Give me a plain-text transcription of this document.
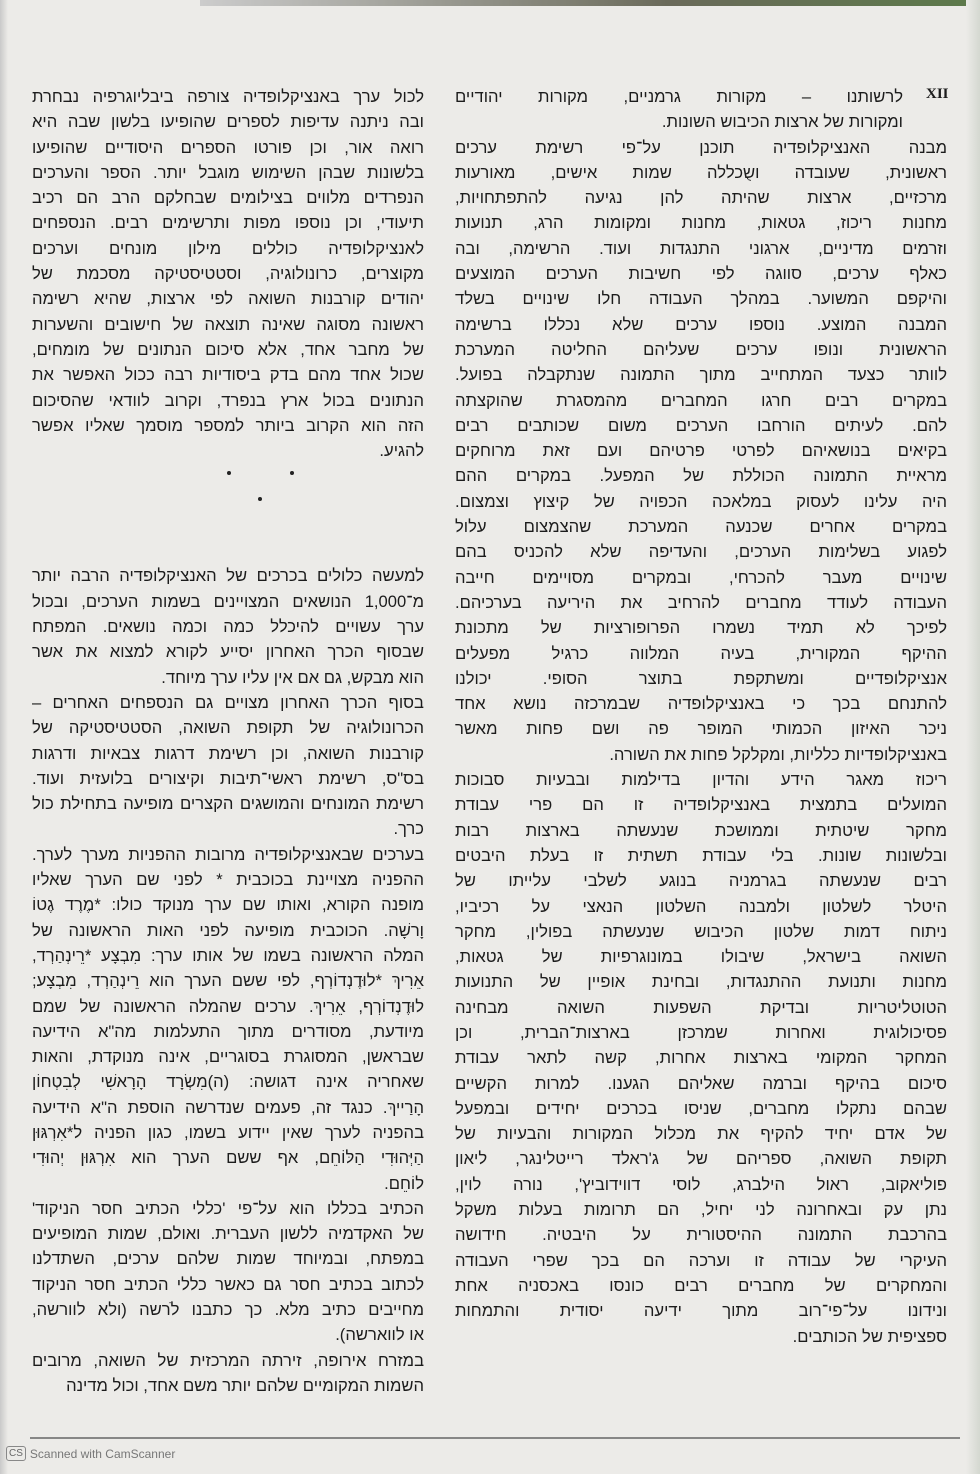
XII
לרשותנו – מקורות גרמניים, מקורות יהודיים
ומקורות של ארצות הכיבוש השונות.
מבנה האנציקלופדיה תוכנן על־פי רשימת ערכים
ראשונית, שעובדה ושֻכללה שמות אישים, מאורעות
מרכזיים, ארצות שהיתה להן נגיעה להתפתחויות,
מחנות ריכוז, גטאות, מחנות ומקומות הרג, תנועות
וזרמים מדיניים, ארגוני התנגדות ועוד. הרשימה, ובה
כאלף ערכים, סווגה לפי חשיבות הערכים המוצעים
והיקפם המשוער. במהלך העבודה חלו שינויים בשלד
המבנה המוצע. נוספו ערכים שלא נכללו ברשימה
הראשונית ונופו ערכים שעליהם החליטה המערכת
לוותר כצעד המתחייב מתוך התמונה שנתקבלה בפועל.
במקרים רבים חרגו המחברים מהמסגרת שהוקצתה
להם. לעיתים הורחבו הערכים משום שכותבים רבים
בקיאים בנושאיהם לפרטי פרטיהם ועם זאת מרוחקים
מראיית התמונה הכוללת של המפעל. במקרים ההם
היה עלינו לעסוק במלאכה הכפויה של קיצוץ וצמצום.
במקרים אחרים שכנעה המערכת שהצמצום עלול
לפגוע בשלימות הערכים, והעדיפה שלא להכניס בהם
שינויים מעבר להכרחי, ובמקרים מסויימים חייבה
העבודה לעודד מחברים להרחיב את היריעה בערכיהם.
לפיכך לא תמיד נשמרו הפרופורציות של מתכונת
ההיקף המקורית, בעיה המלווה כרגיל מפעלים
אנציקלופדיים ומשתקפת בתוצר הסופי. יכולנו
להתנחם בכך כי באנציקלופדיה שבמרכזה נושא אחד
ניכר האיזון הכמותי המופר פה ושם פחות מאשר
באנציקלופדיות כלליות, ומקלקל פחות את השורה.
ריכוז מאגר הידע והדיון בדילמות ובבעיות סבוכות
המועלים בתמצית באנציקלופדיה זו הם פרי עבודת
מחקר שיטתית וממושכת שנעשתה בארצות רבות
ובלשונות שונות. בלי עבודת תשתית זו בעלת היבטים
רבים שנעשתה בגרמניה בנוגע לשלבי עלייתו של
היטלר לשלטון ולמבנה השלטון הנאצי על רכיביו,
ניתוח דמות שלטון הכיבוש שנעשתה בפולין, מחקר
השואה בישראל, שיבולו במונוגרפיות של גטאות,
מחנות ותנועת ההתנגדות, ובחינת אופיין של התנועות
הטוטליטריות ובדיקת השפעות השואה מבחינה
פסיכולוגית ואחרות שמרכזן בארצות־הברית, וכן
המחקר המקומי בארצות אחרות, קשה לתאר עבודת
סיכום בהיקף וברמה שאליהם הגענו. למרות הקשיים
שבהם נתקלו מחברים, שניסו בכרכים יחידים ובמפעל
של אדם יחיד להקיף את מכלול המקורות והבעיות של
תקופת השואה, ספריהם של ג'ראלד רייטלינגר, ליאון
פוליאקוב, ראול הילברג, לוסי דווידוביץ', נורה לוין,
נתן עק ובאחרונה לני יחיל, הם תרומות בעלות משקל
בהרכבת התמונה ההיסטורית על היבטיה. חידושה
העיקרי של עבודה זו וערכה הם בכך שפרי העבודה
והמחקרים של מחברים רבים כונסו באכסניה אחת
ונידונו על־פי־רוב מתוך ידיעה יסודית והתמחות
ספציפית של הכותבים.
לכול ערך באנציקלופדיה צורפה ביבליוגרפיה נבחרת
ובה ניתנה עדיפות לספרים שהופיעו בלשון שבה היא
רואה אור, וכן פורטו הספרים היסודיים שהופיעו
בלשונות שבהן השימוש מוגבל יותר. הספר והערכים
הנפרדים מלווים בצילומים שבחלקם הרב הם רכיב
תיעודי, וכן נוספו מפות ותרשימים רבים. הנספחים
לאנציקלופדיה כוללים מילון מונחים וערכים
מקוצרים, כרונולוגיה, וסטטיסטיקה מסכמת של
יהודים קורבנות השואה לפי ארצות, שהיא רשימה
ראשונה מסוגה שאינה תוצאה של חישובים והשערות
של מחבר אחד, אלא סיכום הנתונים של מומחים,
שכול אחד מהם בדק ביסודיות רבה ככול האפשר את
הנתונים בכול ארץ בנפרד, וקרוב לוודאי שהסיכום
הזה הוא הקרוב ביותר למספר מוסמך שאליו אפשר
להגיע.
למעשה כלולים בכרכים של האנציקלופדיה הרבה יותר
מ־1,000 הנושאים המצויינים בשמות הערכים, ובכול
ערך עשויים להיכלל כמה וכמה נושאים. המפתח
שבסוף הכרך האחרון יסייע לקורא למצוא את אשר
הוא מבקש, גם אם אין עליו ערך מיוחד.
בסוף הכרך האחרון מצויים גם הנספחים האחרים –
הכרונולוגיה של תקופת השואה, הסטטיסטיקה של
קורבנות השואה, וכן רשימת דרגות צבאיות ודרגות
בס"ס, רשימת ראשי־תיבות וקיצורים בלועזית ועוד.
רשימת המונחים והמושגים הקצרים מופיעה בתחילת כול
כרך.
בערכים שבאנציקלופדיה מרובות ההפניות מערך לערך.
ההפניה מצויינת בכוכבית * לפני שם הערך שאליו
מופנה הקורא, ואותו שם ערך מנוקד כולו: *מֶרֶד גֶטוֹ
וָרשָׁה. הכוכבית מופיעה לפני האות הראשונה של
המלה הראשונה בשמו של אותו ערך: מִבְצָע *רֵינְהַרְד,
אֵרִיךְ *לוּדֶנְדוֹרְף, לפי ששם הערך הוא רֵינְהַרְד, מִבְצָע;
לוּדֶנְדוֹרְף, אֵרִיךְ. ערכים שהמלה הראשונה של שמם
מיודעת, מסודרים מתוך התעלמות מה"א הידיעה
שבראשן, המסוגרת בסוגריים, אינה מנוקדת, והאות
שאחריה אינה דגושה: (ה)מִשְׂרָד הָרָאשִׁי לְבִטְחוֹן
הָרַייךְ. כנגד זה, פעמים שנדרשה הוספת ה"א הידיעה
בהפניה לערך שאין יידוע בשמו, כגון הפניה ל*אִרְגּוּן
הַיְּהוּדִי הַלּוֹחֵם, אף ששם הערך הוא אִרְגּוּן יְהוּדִי
לוֹחֵם.
הכתיב בכללו הוא על־פי 'כללי הכתיב חסר הניקוד'
של האקדמיה ללשון העברית. ואולם, שמות המופיעים
במפתח, ובמיוחד שמות שלהם ערכים, השתדלנו
לכתוב בכתיב חסר גם כאשר כללי הכתיב חסר הניקוד
מחייבים כתיב מלא. כך כתבנו לֹרשה (ולא לוורשה,
או לווארשה).
במזרח אירופה, זירתה המרכזית של השואה, מרובים
השמות המקומיים שלהם יותר משם אחד, וכול מדינה
CS Scanned with CamScanner
